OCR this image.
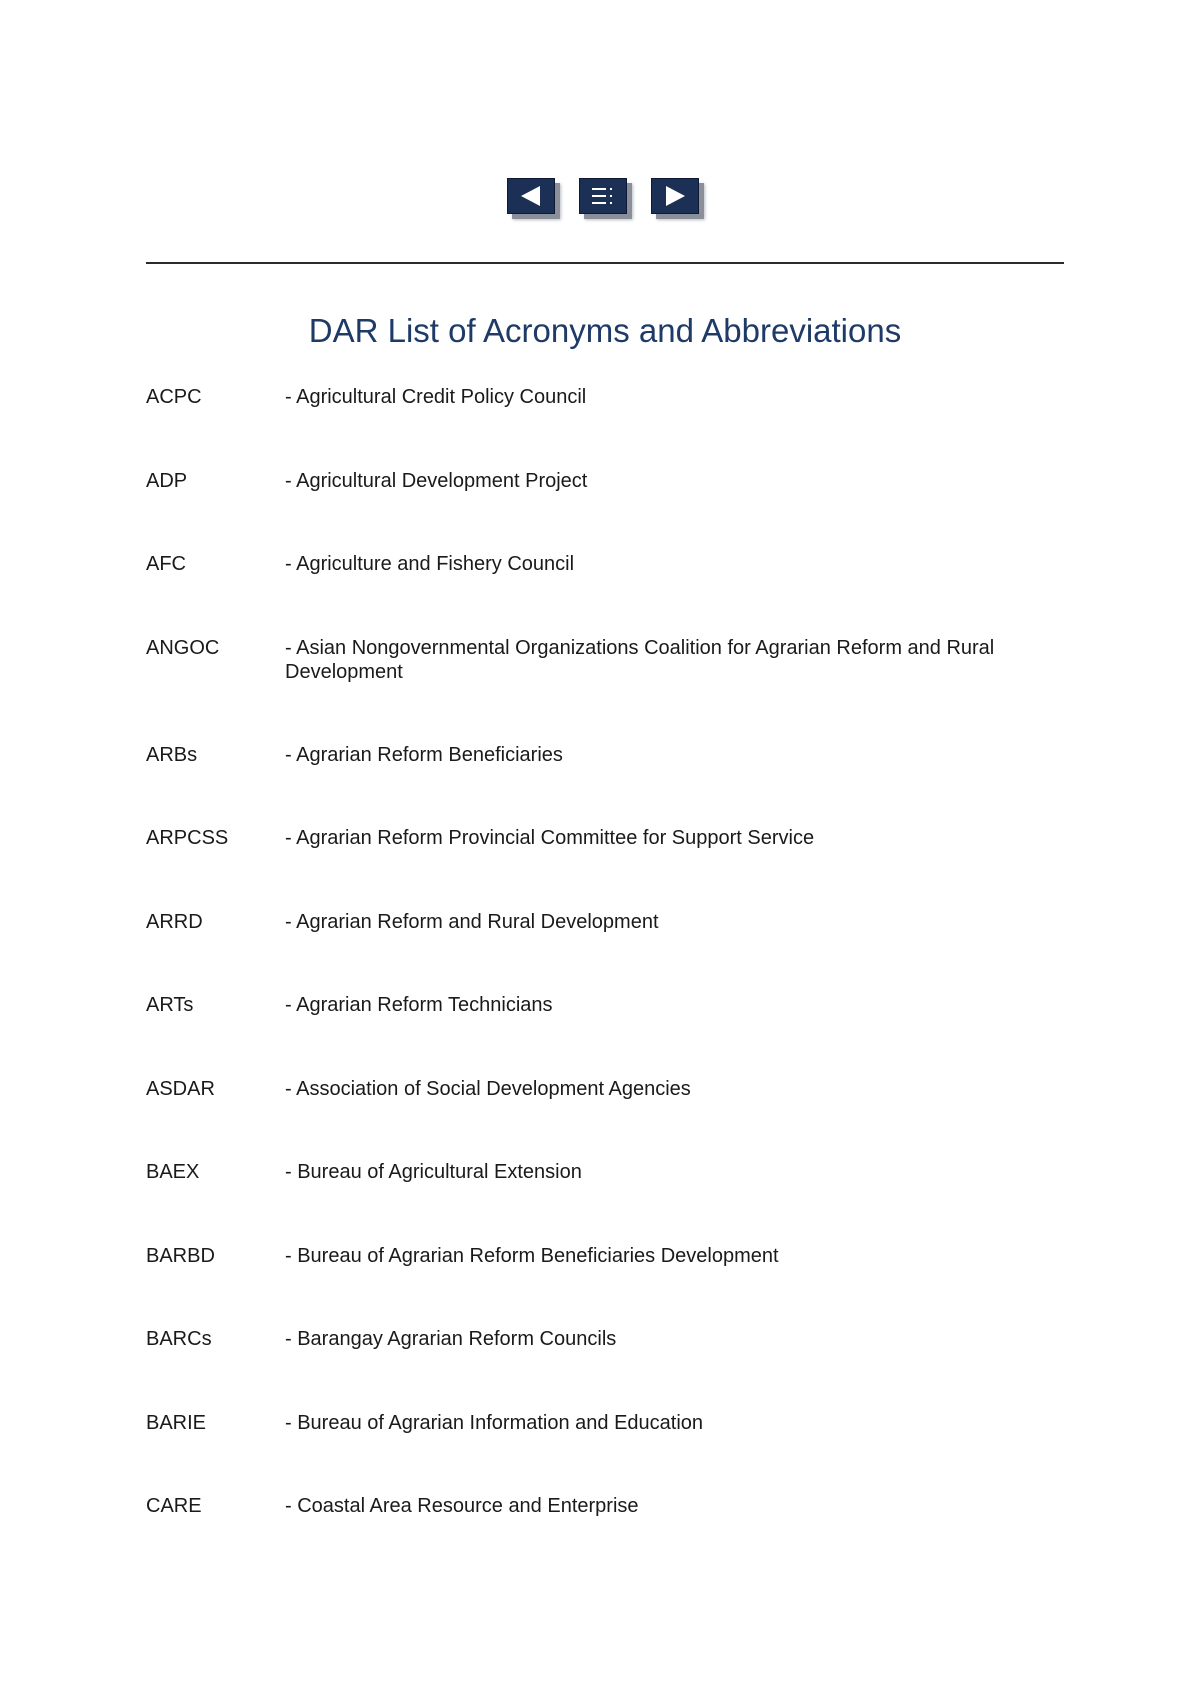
DAR List of Acronyms and Abbreviations
ACPC	- Agricultural Credit Policy Council
ADP	- Agricultural Development Project
AFC	- Agriculture and Fishery Council
ANGOC	- Asian Nongovernmental Organizations Coalition for Agrarian Reform and Rural Development
ARBs	- Agrarian Reform Beneficiaries
ARPCSS	- Agrarian Reform Provincial Committee for Support Service
ARRD	- Agrarian Reform and Rural Development
ARTs	- Agrarian Reform Technicians
ASDAR	- Association of Social Development Agencies
BAEX	- Bureau of Agricultural Extension
BARBD	- Bureau of Agrarian Reform Beneficiaries Development
BARCs	- Barangay Agrarian Reform Councils
BARIE	- Bureau of Agrarian Information and Education
CARE	- Coastal Area Resource and Enterprise
